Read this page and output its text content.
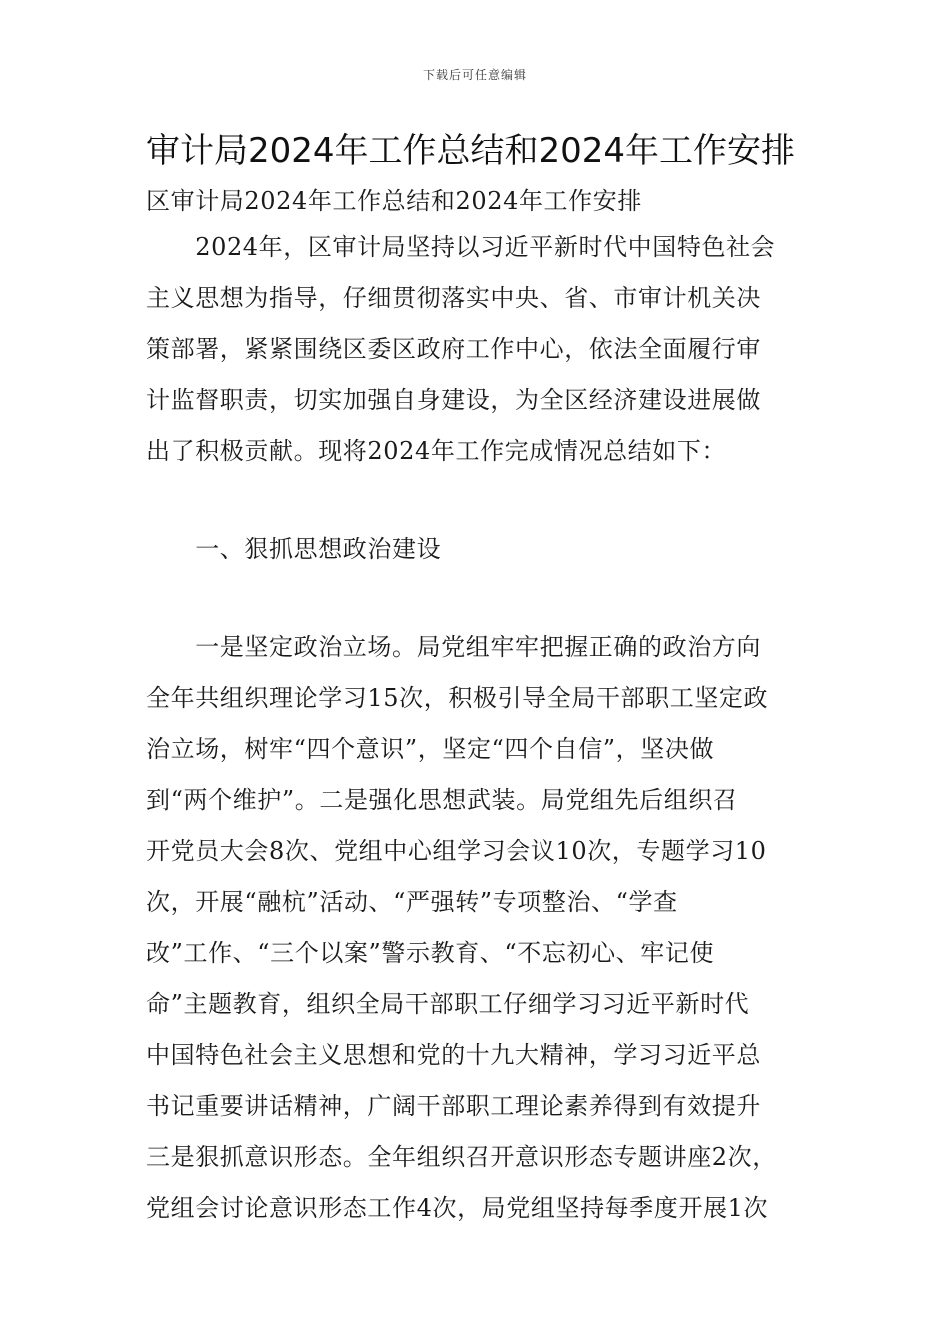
下载后可任意编辑
审计局2024年工作总结和2024年工作安排
区审计局2024年工作总结和2024年工作安排
　　2024年，区审计局坚持以习近平新时代中国特色社会
主义思想为指导，仔细贯彻落实中央、省、市审计机关决
策部署，紧紧围绕区委区政府工作中心，依法全面履行审
计监督职责，切实加强自身建设，为全区经济建设进展做
出了积极贡献。现将2024年工作完成情况总结如下：
　　一、狠抓思想政治建设
　　一是坚定政治立场。局党组牢牢把握正确的政治方向
全年共组织理论学习15次，积极引导全局干部职工坚定政
治立场，树牢“四个意识”，坚定“四个自信”，坚决做
到“两个维护”。二是强化思想武装。局党组先后组织召
开党员大会8次、党组中心组学习会议10次，专题学习10
次，开展“融杭”活动、“严强转”专项整治、“学查
改”工作、“三个以案”警示教育、“不忘初心、牢记使
命”主题教育，组织全局干部职工仔细学习习近平新时代
中国特色社会主义思想和党的十九大精神，学习习近平总
书记重要讲话精神，广阔干部职工理论素养得到有效提升
三是狠抓意识形态。全年组织召开意识形态专题讲座2次，
党组会讨论意识形态工作4次，局党组坚持每季度开展1次
